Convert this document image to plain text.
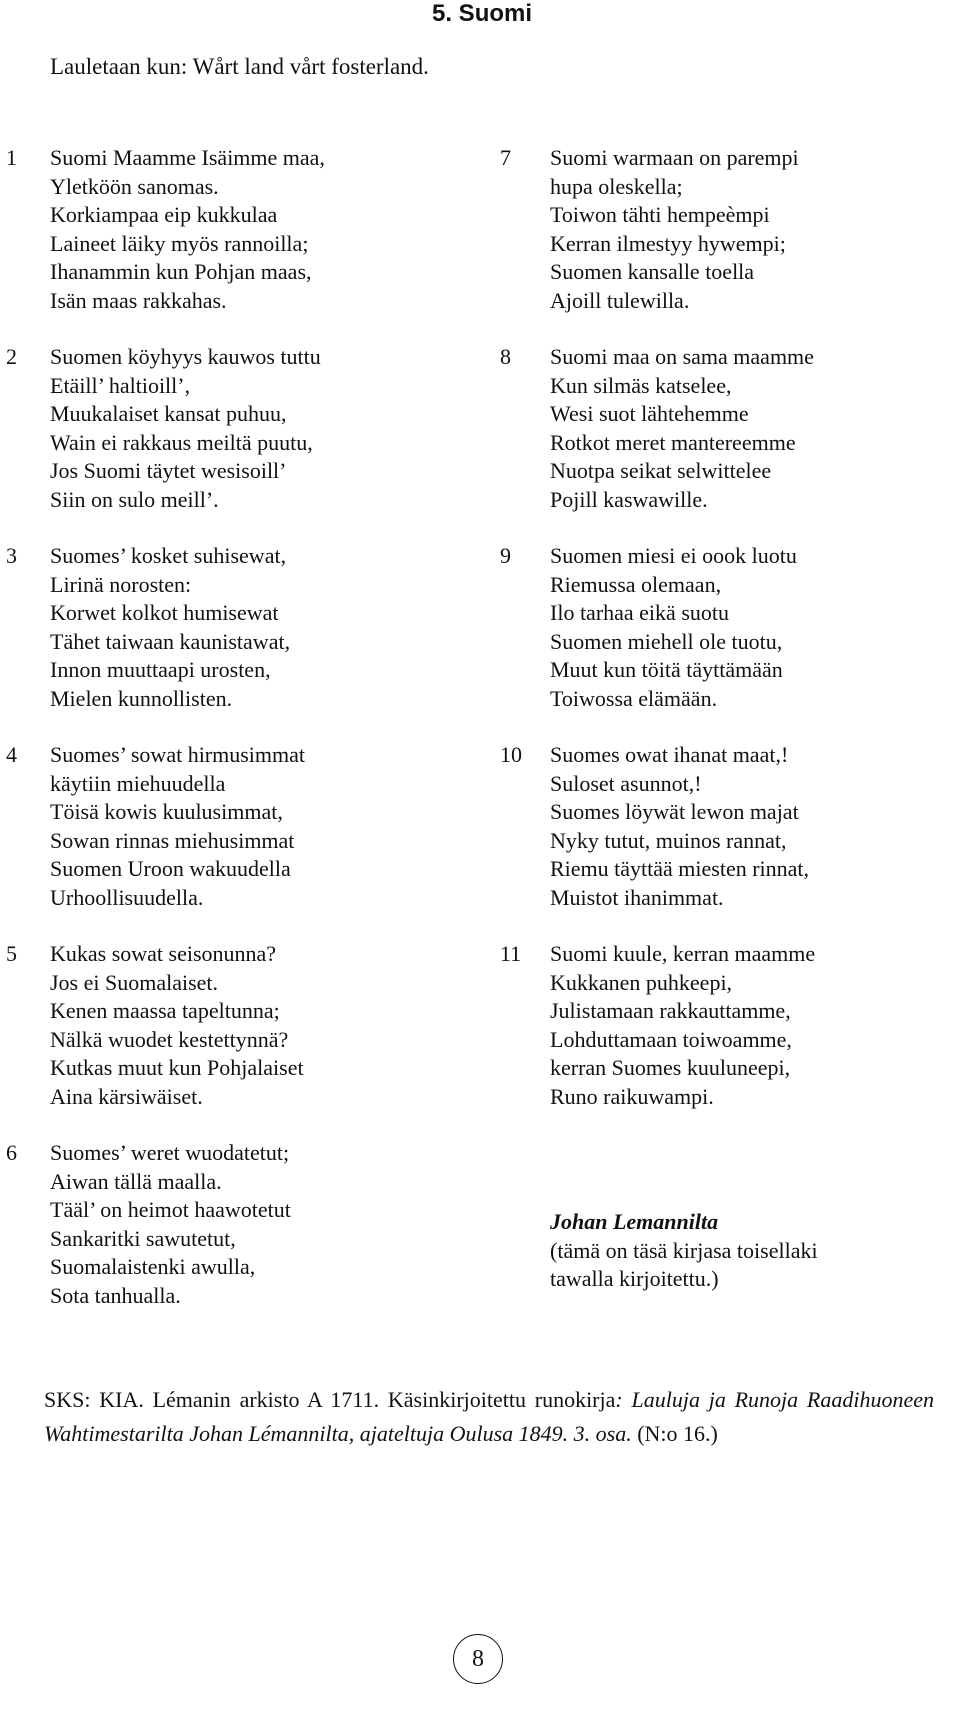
5. Suomi
Lauletaan kun: Wårt land vårt fosterland.
1	Suomi Maamme Isäimme maa,
Yletköön sanomas.
Korkiampaa eip kukkulaa
Laineet läiky myös rannoilla;
Ihanammin kun Pohjan maas,
Isän maas rakkahas.
2	Suomen köyhyys kauwos tuttu
Etäill’ haltioill’,
Muukalaiset kansat puhuu,
Wain ei rakkaus meiltä puutu,
Jos Suomi täytet wesisoill’
Siin on sulo meill’.
3	Suomes’ kosket suhisewat,
Lirinä norosten:
Korwet kolkot humisewat
Tähet taiwaan kaunistawat,
Innon muuttaapi urosten,
Mielen kunnollisten.
4	Suomes’ sowat hirmusimmat
käytiin miehuudella
Töisä kowis kuulusimmat,
Sowan rinnas miehusimmat
Suomen Uroon wakuudella
Urhoollisuudella.
5	Kukas sowat seisonunna?
Jos ei Suomalaiset.
Kenen maassa tapeltunna;
Nälkä wuodet kestettynnä?
Kutkas muut kun Pohjalaiset
Aina kärsiwäiset.
6	Suomes’ weret wuodatetut;
Aiwan tällä maalla.
Tääl’ on heimot haawotetut
Sankaritki sawutetut,
Suomalaistenki awulla,
Sota tanhualla.
7	Suomi warmaan on parempi
hupa oleskella;
Toiwon tähti hempeèmpi
Kerran ilmestyy hywempi;
Suomen kansalle toella
Ajoill tulewilla.
8	Suomi maa on sama maamme
Kun silmäs katselee,
Wesi suot lähtehemme
Rotkot meret mantereemme
Nuotpa seikat selwittelee
Pojill kaswawille.
9	Suomen miesi ei oook luotu
Riemussa olemaan,
Ilo tarhaa eikä suotu
Suomen miehell ole tuotu,
Muut kun töitä täyttämään
Toiwossa elämään.
10	Suomes owat ihanat maat,!
Suloset asunnot,!
Suomes löywät lewon majat
Nyky tutut, muinos rannat,
Riemu täyttää miesten rinnat,
Muistot ihanimmat.
11	Suomi kuule, kerran maamme
Kukkanen puhkeepi,
Julistamaan rakkauttamme,
Lohduttamaan toiwoamme,
kerran Suomes kuuluneepi,
Runo raikuwampi.
Johan Lemannilta
(tämä on täsä kirjasa toisellaki
tawalla kirjoitettu.)
SKS: KIA. Lémanin arkisto A 1711. Käsinkirjoitettu runokirja: Lauluja ja Runoja Raadihuoneen Wahtimestarilta Johan Lémannilta, ajateltuja Oulusa 1849. 3. osa. (N:o 16.)
8
